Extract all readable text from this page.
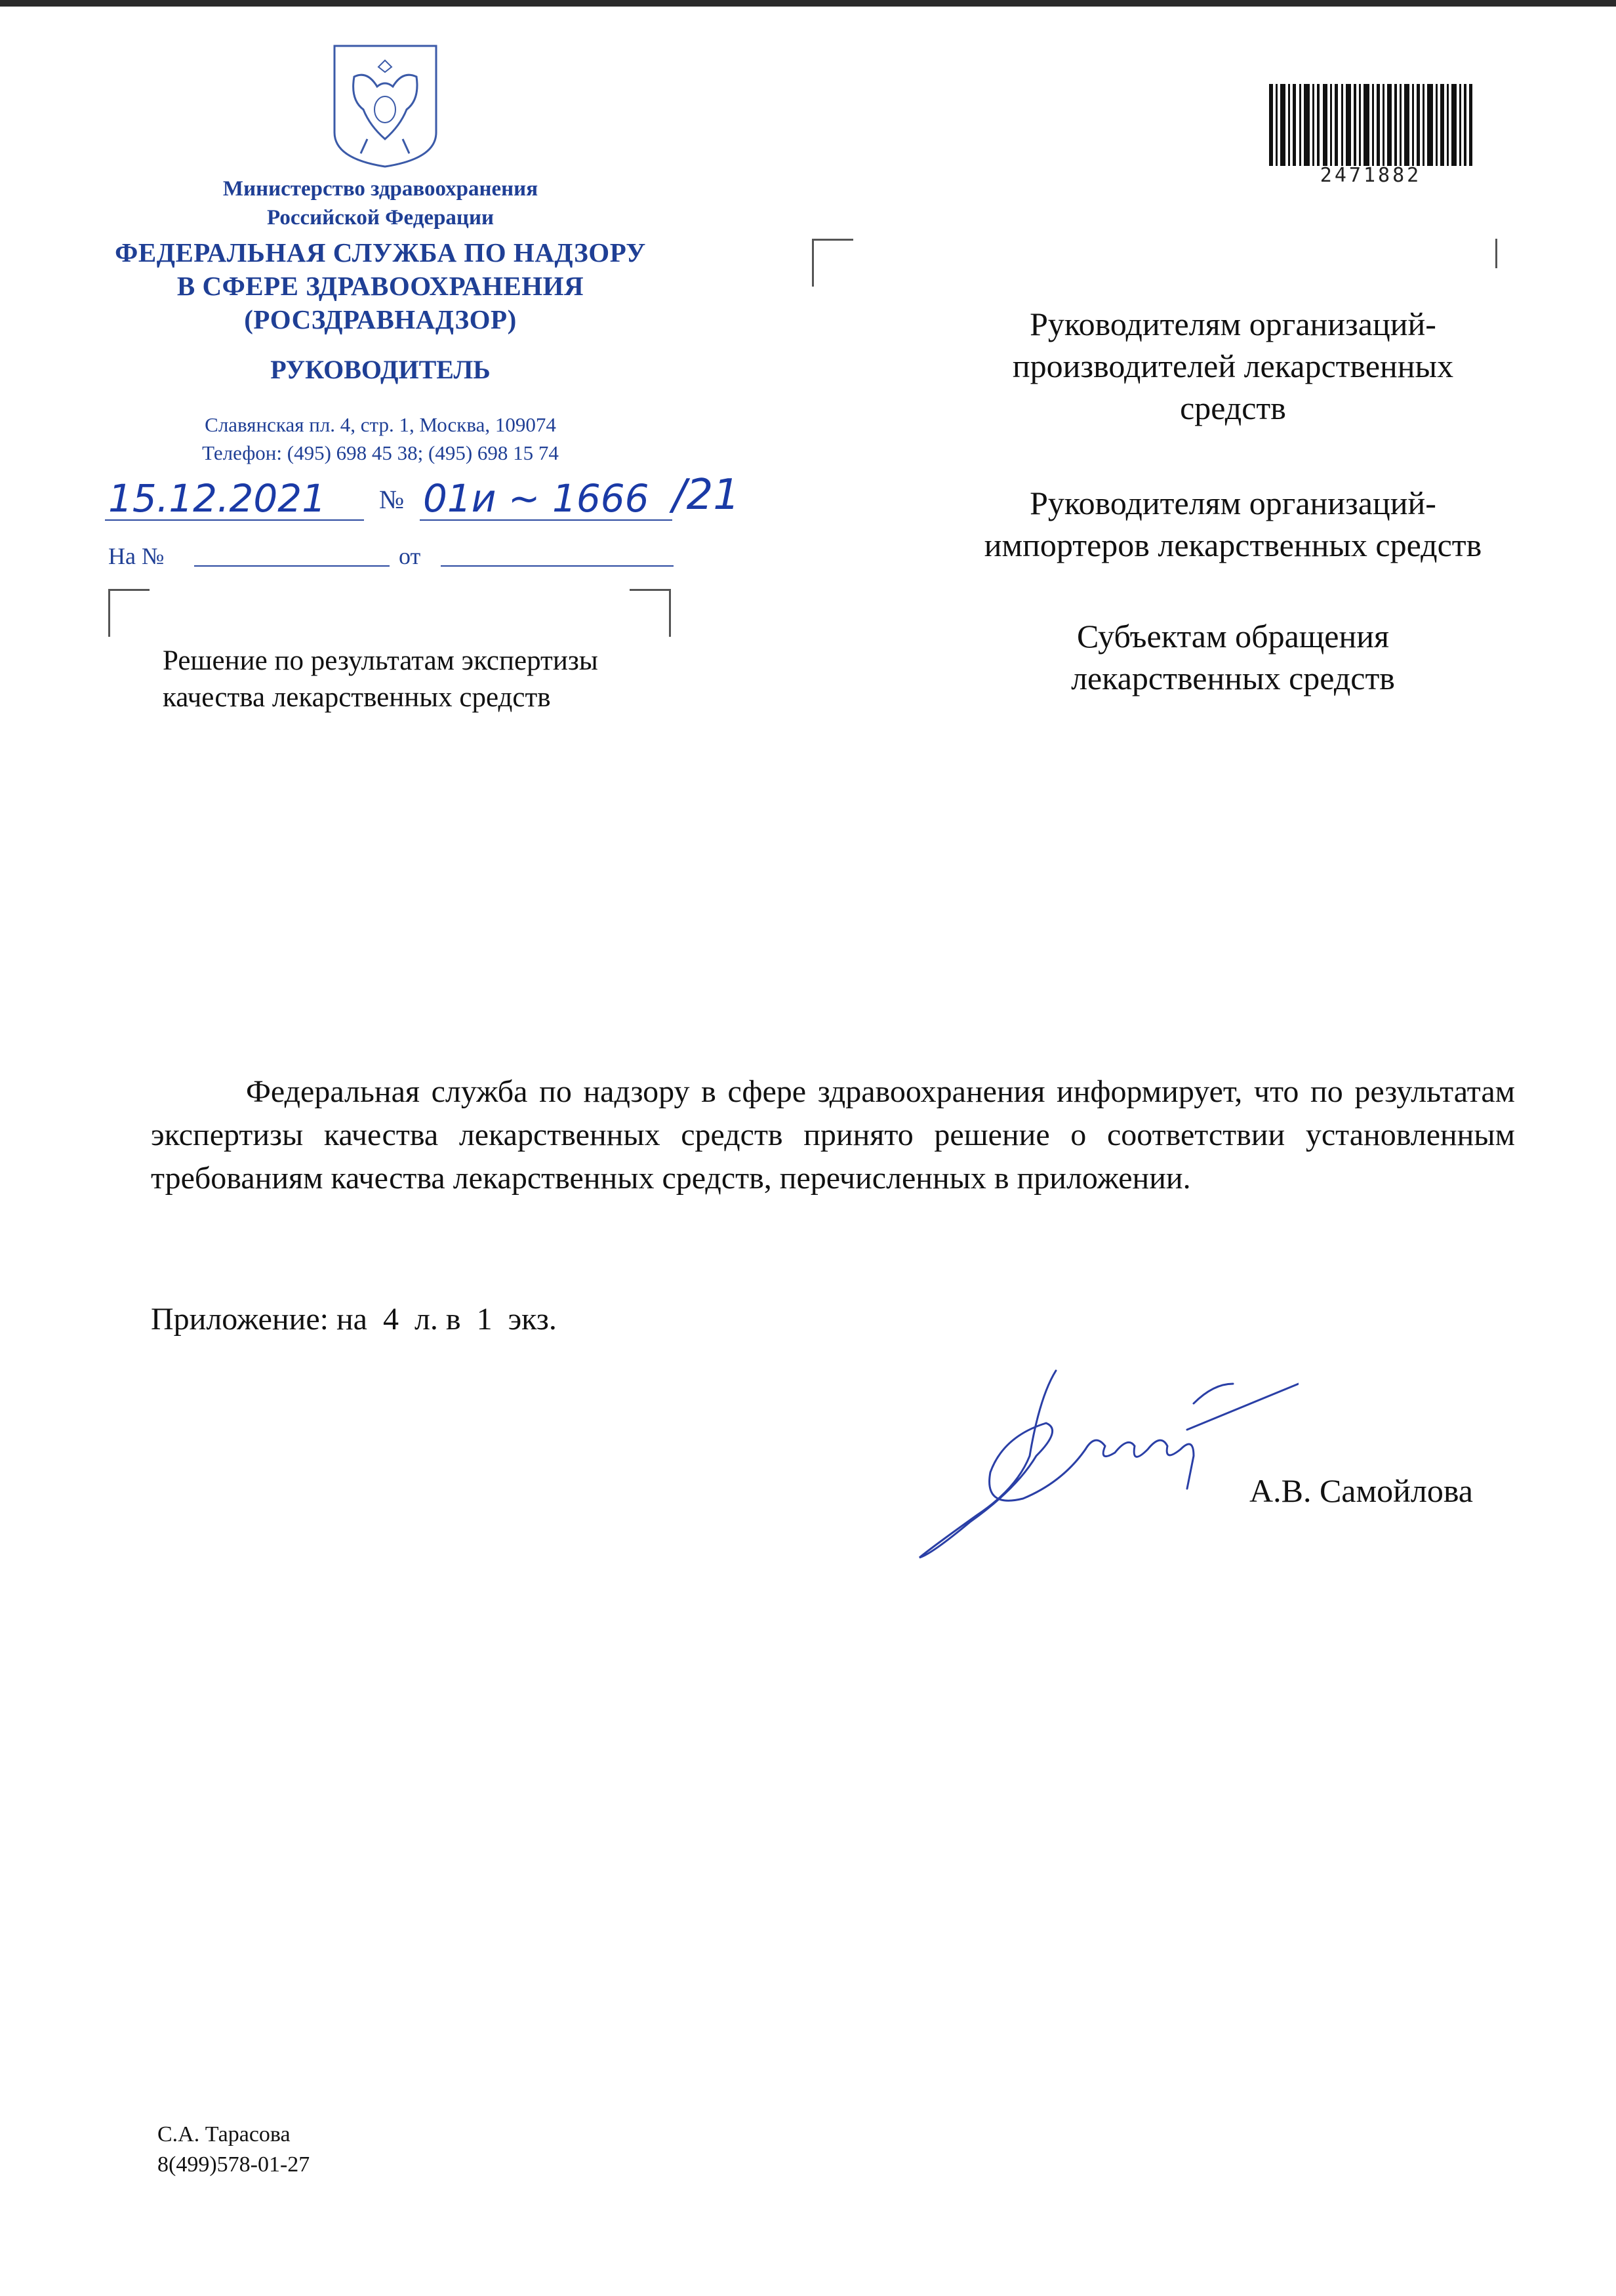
Министерство здравоохранения
Российской Федерации
ФЕДЕРАЛЬНАЯ СЛУЖБА ПО НАДЗОРУ
В СФЕРЕ ЗДРАВООХРАНЕНИЯ
(РОСЗДРАВНАДЗОР)
РУКОВОДИТЕЛЬ
Славянская пл. 4, стр. 1, Москва, 109074
Телефон: (495) 698 45 38; (495) 698 15 74
15.12.2021 № 01и ~ 1666 /21
На №	от
Решение по результатам экспертизы
качества лекарственных средств
2471882
Руководителям организаций-
производителей лекарственных
средств
Руководителям организаций-
импортеров лекарственных средств
Субъектам обращения
лекарственных средств
Федеральная служба по надзору в сфере здравоохранения информирует, что по результатам экспертизы качества лекарственных средств принято решение о соответствии установленным требованиям качества лекарственных средств, перечисленных в приложении.
Приложение: на  4  л. в  1  экз.
А.В. Самойлова
С.А. Тарасова
8(499)578-01-27
